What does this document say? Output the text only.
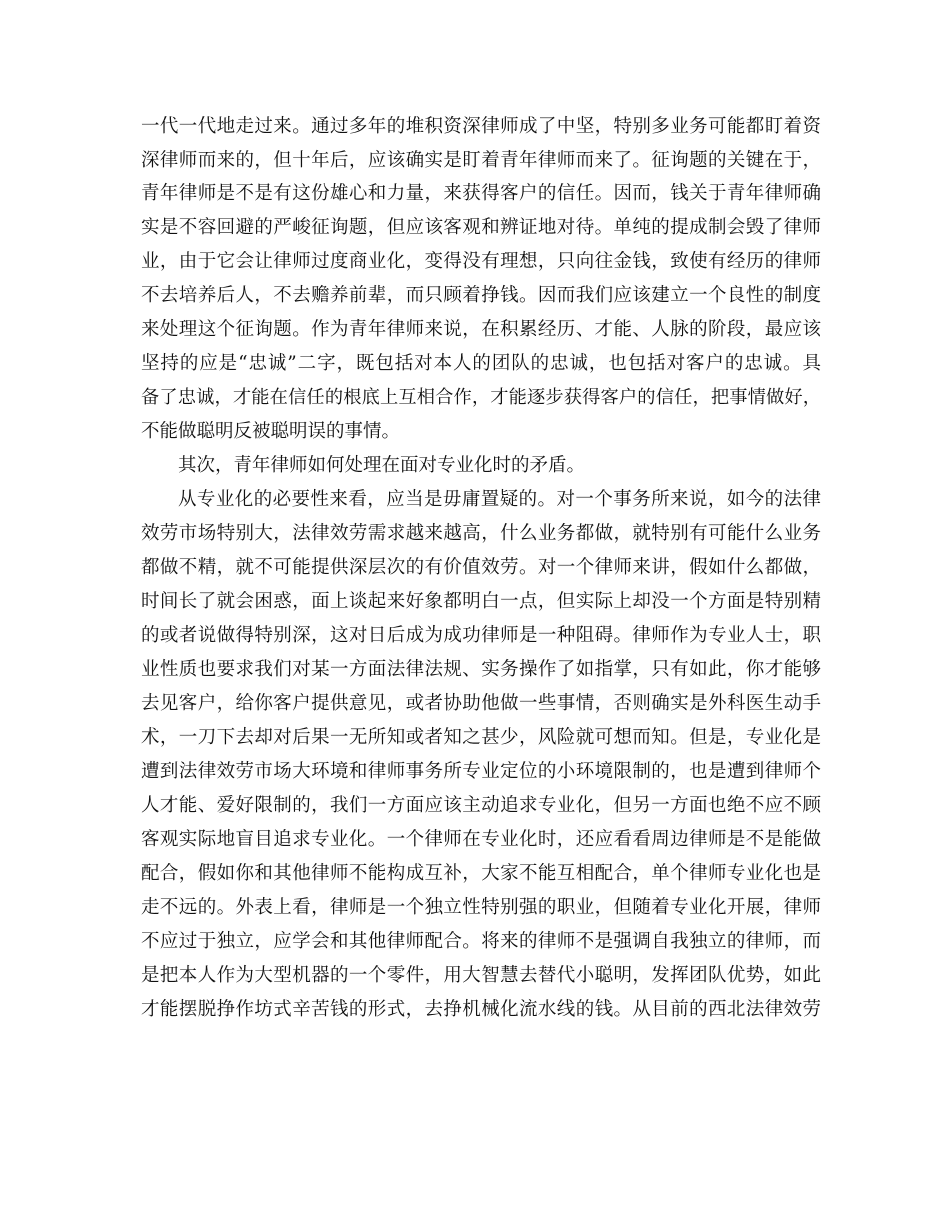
一代一代地走过来。通过多年的堆积资深律师成了中坚，特别多业务可能都盯着资
深律师而来的，但十年后，应该确实是盯着青年律师而来了。征询题的关键在于，
青年律师是不是有这份雄心和力量，来获得客户的信任。因而，钱关于青年律师确
实是不容回避的严峻征询题，但应该客观和辨证地对待。单纯的提成制会毁了律师
业，由于它会让律师过度商业化，变得没有理想，只向往金钱，致使有经历的律师
不去培养后人，不去赡养前辈，而只顾着挣钱。因而我们应该建立一个良性的制度
来处理这个征询题。作为青年律师来说，在积累经历、才能、人脉的阶段，最应该
坚持的应是“忠诚”二字，既包括对本人的团队的忠诚，也包括对客户的忠诚。具
备了忠诚，才能在信任的根底上互相合作，才能逐步获得客户的信任，把事情做好，
不能做聪明反被聪明误的事情。
其次，青年律师如何处理在面对专业化时的矛盾。
从专业化的必要性来看，应当是毋庸置疑的。对一个事务所来说，如今的法律
效劳市场特别大，法律效劳需求越来越高，什么业务都做，就特别有可能什么业务
都做不精，就不可能提供深层次的有价值效劳。对一个律师来讲，假如什么都做，
时间长了就会困惑，面上谈起来好象都明白一点，但实际上却没一个方面是特别精
的或者说做得特别深，这对日后成为成功律师是一种阻碍。律师作为专业人士，职
业性质也要求我们对某一方面法律法规、实务操作了如指掌，只有如此，你才能够
去见客户，给你客户提供意见，或者协助他做一些事情，否则确实是外科医生动手
术，一刀下去却对后果一无所知或者知之甚少，风险就可想而知。但是，专业化是
遭到法律效劳市场大环境和律师事务所专业定位的小环境限制的，也是遭到律师个
人才能、爱好限制的，我们一方面应该主动追求专业化，但另一方面也绝不应不顾
客观实际地盲目追求专业化。一个律师在专业化时，还应看看周边律师是不是能做
配合，假如你和其他律师不能构成互补，大家不能互相配合，单个律师专业化也是
走不远的。外表上看，律师是一个独立性特别强的职业，但随着专业化开展，律师
不应过于独立，应学会和其他律师配合。将来的律师不是强调自我独立的律师，而
是把本人作为大型机器的一个零件，用大智慧去替代小聪明，发挥团队优势，如此
才能摆脱挣作坊式辛苦钱的形式，去挣机械化流水线的钱。从目前的西北法律效劳
